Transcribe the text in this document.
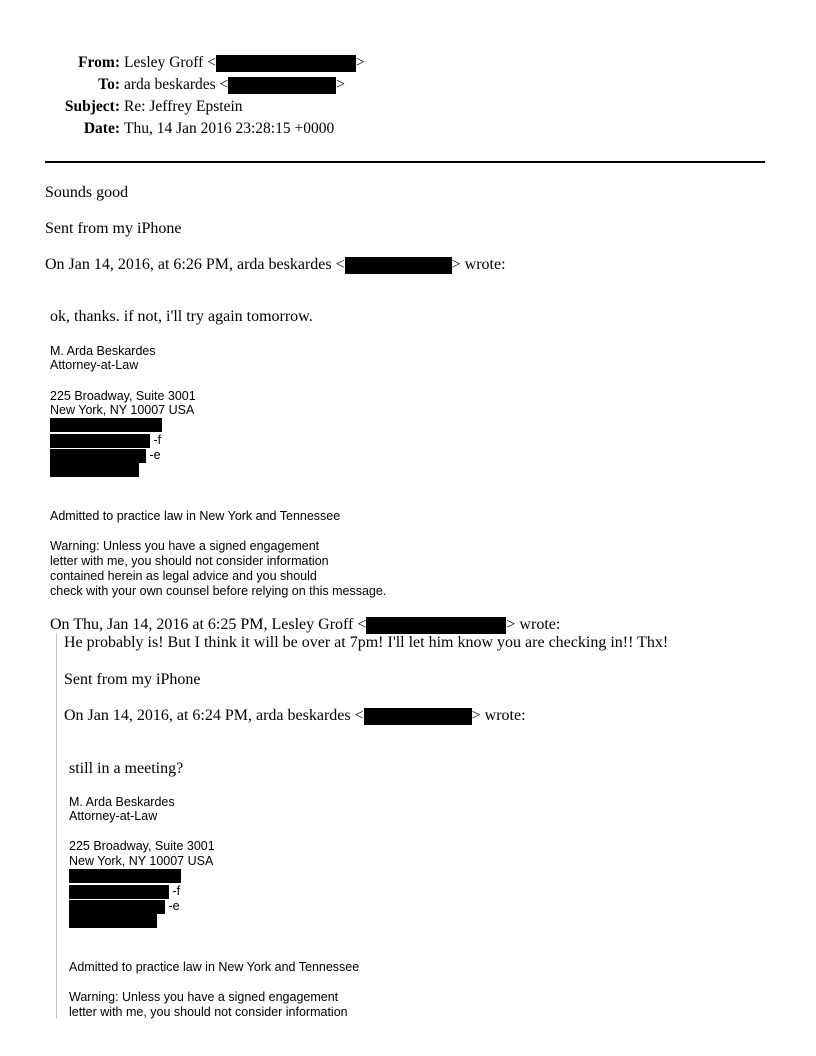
From: Lesley Groff <	>
To: arda beskardes <	>
Subject: Re: Jeffrey Epstein
Date: Thu, 14 Jan 2016 23:28:15 +0000
Sounds good
Sent from my iPhone
On Jan 14, 2016, at 6:26 PM, arda beskardes <	> wrote:
ok, thanks. if not, i'll try again tomorrow.
M. Arda Beskardes
Attorney-at-Law
225 Broadway, Suite 3001
New York, NY 10007 USA
-f
-e
Admitted to practice law in New York and Tennessee
Warning: Unless you have a signed engagement
letter with me, you should not consider information
contained herein as legal advice and you should
check with your own counsel before relying on this message.
On Thu, Jan 14, 2016 at 6:25 PM, Lesley Groff <	> wrote:
He probably is! But I think it will be over at 7pm! I'll let him know you are checking in!! Thx!
Sent from my iPhone
On Jan 14, 2016, at 6:24 PM, arda beskardes <	> wrote:
still in a meeting?
M. Arda Beskardes
Attorney-at-Law
225 Broadway, Suite 3001
New York, NY 10007 USA
-f
-e
Admitted to practice law in New York and Tennessee
Warning: Unless you have a signed engagement
letter with me, you should not consider information
